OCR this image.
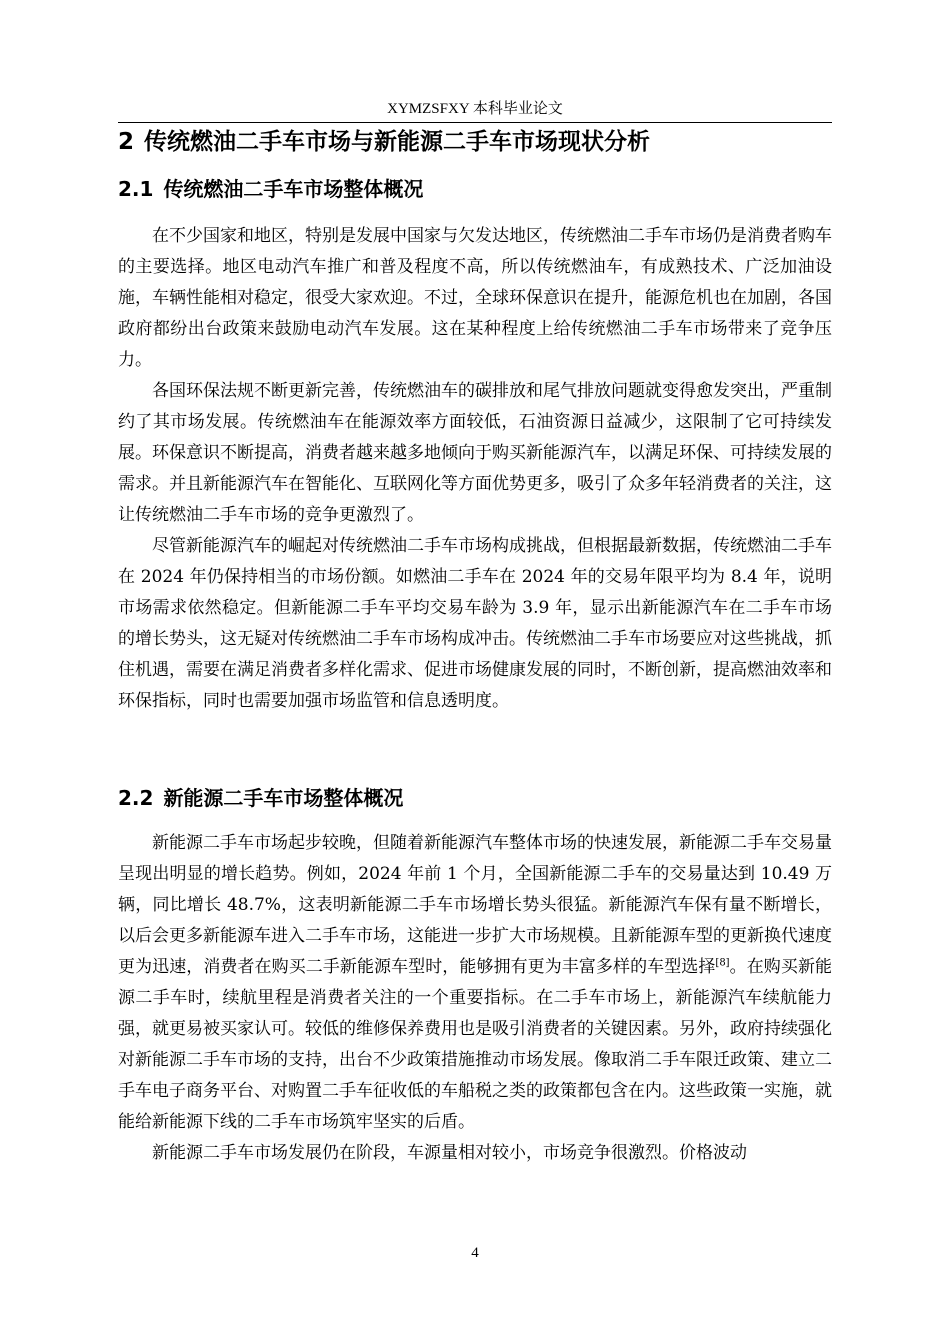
XYMZSFXY 本科毕业论文
2 传统燃油二手车市场与新能源二手车市场现状分析
2.1 传统燃油二手车市场整体概况

在不少国家和地区，特别是发展中国家与欠发达地区，传统燃油二手车市场仍是消费者购车的主要选择。地区电动汽车推广和普及程度不高，所以传统燃油车，有成熟技术、广泛加油设施，车辆性能相对稳定，很受大家欢迎。不过，全球环保意识在提升，能源危机也在加剧，各国政府都纷出台政策来鼓励电动汽车发展。这在某种程度上给传统燃油二手车市场带来了竞争压力。

各国环保法规不断更新完善，传统燃油车的碳排放和尾气排放问题就变得愈发突出，严重制约了其市场发展。传统燃油车在能源效率方面较低，石油资源日益减少，这限制了它可持续发展。环保意识不断提高，消费者越来越多地倾向于购买新能源汽车，以满足环保、可持续发展的需求。并且新能源汽车在智能化、互联网化等方面优势更多，吸引了众多年轻消费者的关注，这让传统燃油二手车市场的竞争更激烈了。

尽管新能源汽车的崛起对传统燃油二手车市场构成挑战，但根据最新数据，传统燃油二手车在 2024 年仍保持相当的市场份额。如燃油二手车在 2024 年的交易年限平均为 8.4 年，说明市场需求依然稳定。但新能源二手车平均交易车龄为 3.9 年，显示出新能源汽车在二手车市场的增长势头，这无疑对传统燃油二手车市场构成冲击。传统燃油二手车市场要应对这些挑战，抓住机遇，需要在满足消费者多样化需求、促进市场健康发展的同时，不断创新，提高燃油效率和环保指标，同时也需要加强市场监管和信息透明度。

2.2 新能源二手车市场整体概况

新能源二手车市场起步较晚，但随着新能源汽车整体市场的快速发展，新能源二手车交易量呈现出明显的增长趋势。例如，2024 年前 1 个月，全国新能源二手车的交易量达到 10.49 万辆，同比增长 48.7%，这表明新能源二手车市场增长势头很猛。新能源汽车保有量不断增长，以后会更多新能源车进入二手车市场，这能进一步扩大市场规模。且新能源车型的更新换代速度更为迅速，消费者在购买二手新能源车型时，能够拥有更为丰富多样的车型选择[8]。在购买新能源二手车时，续航里程是消费者关注的一个重要指标。在二手车市场上，新能源汽车续航能力强，就更易被买家认可。较低的维修保养费用也是吸引消费者的关键因素。另外，政府持续强化对新能源二手车市场的支持，出台不少政策措施推动市场发展。像取消二手车限迁政策、建立二手车电子商务平台、对购置二手车征收低的车船税之类的政策都包含在内。这些政策一实施，就能给新能源下线的二手车市场筑牢坚实的后盾。

新能源二手车市场发展仍在阶段，车源量相对较小，市场竞争很激烈。价格波动

4
